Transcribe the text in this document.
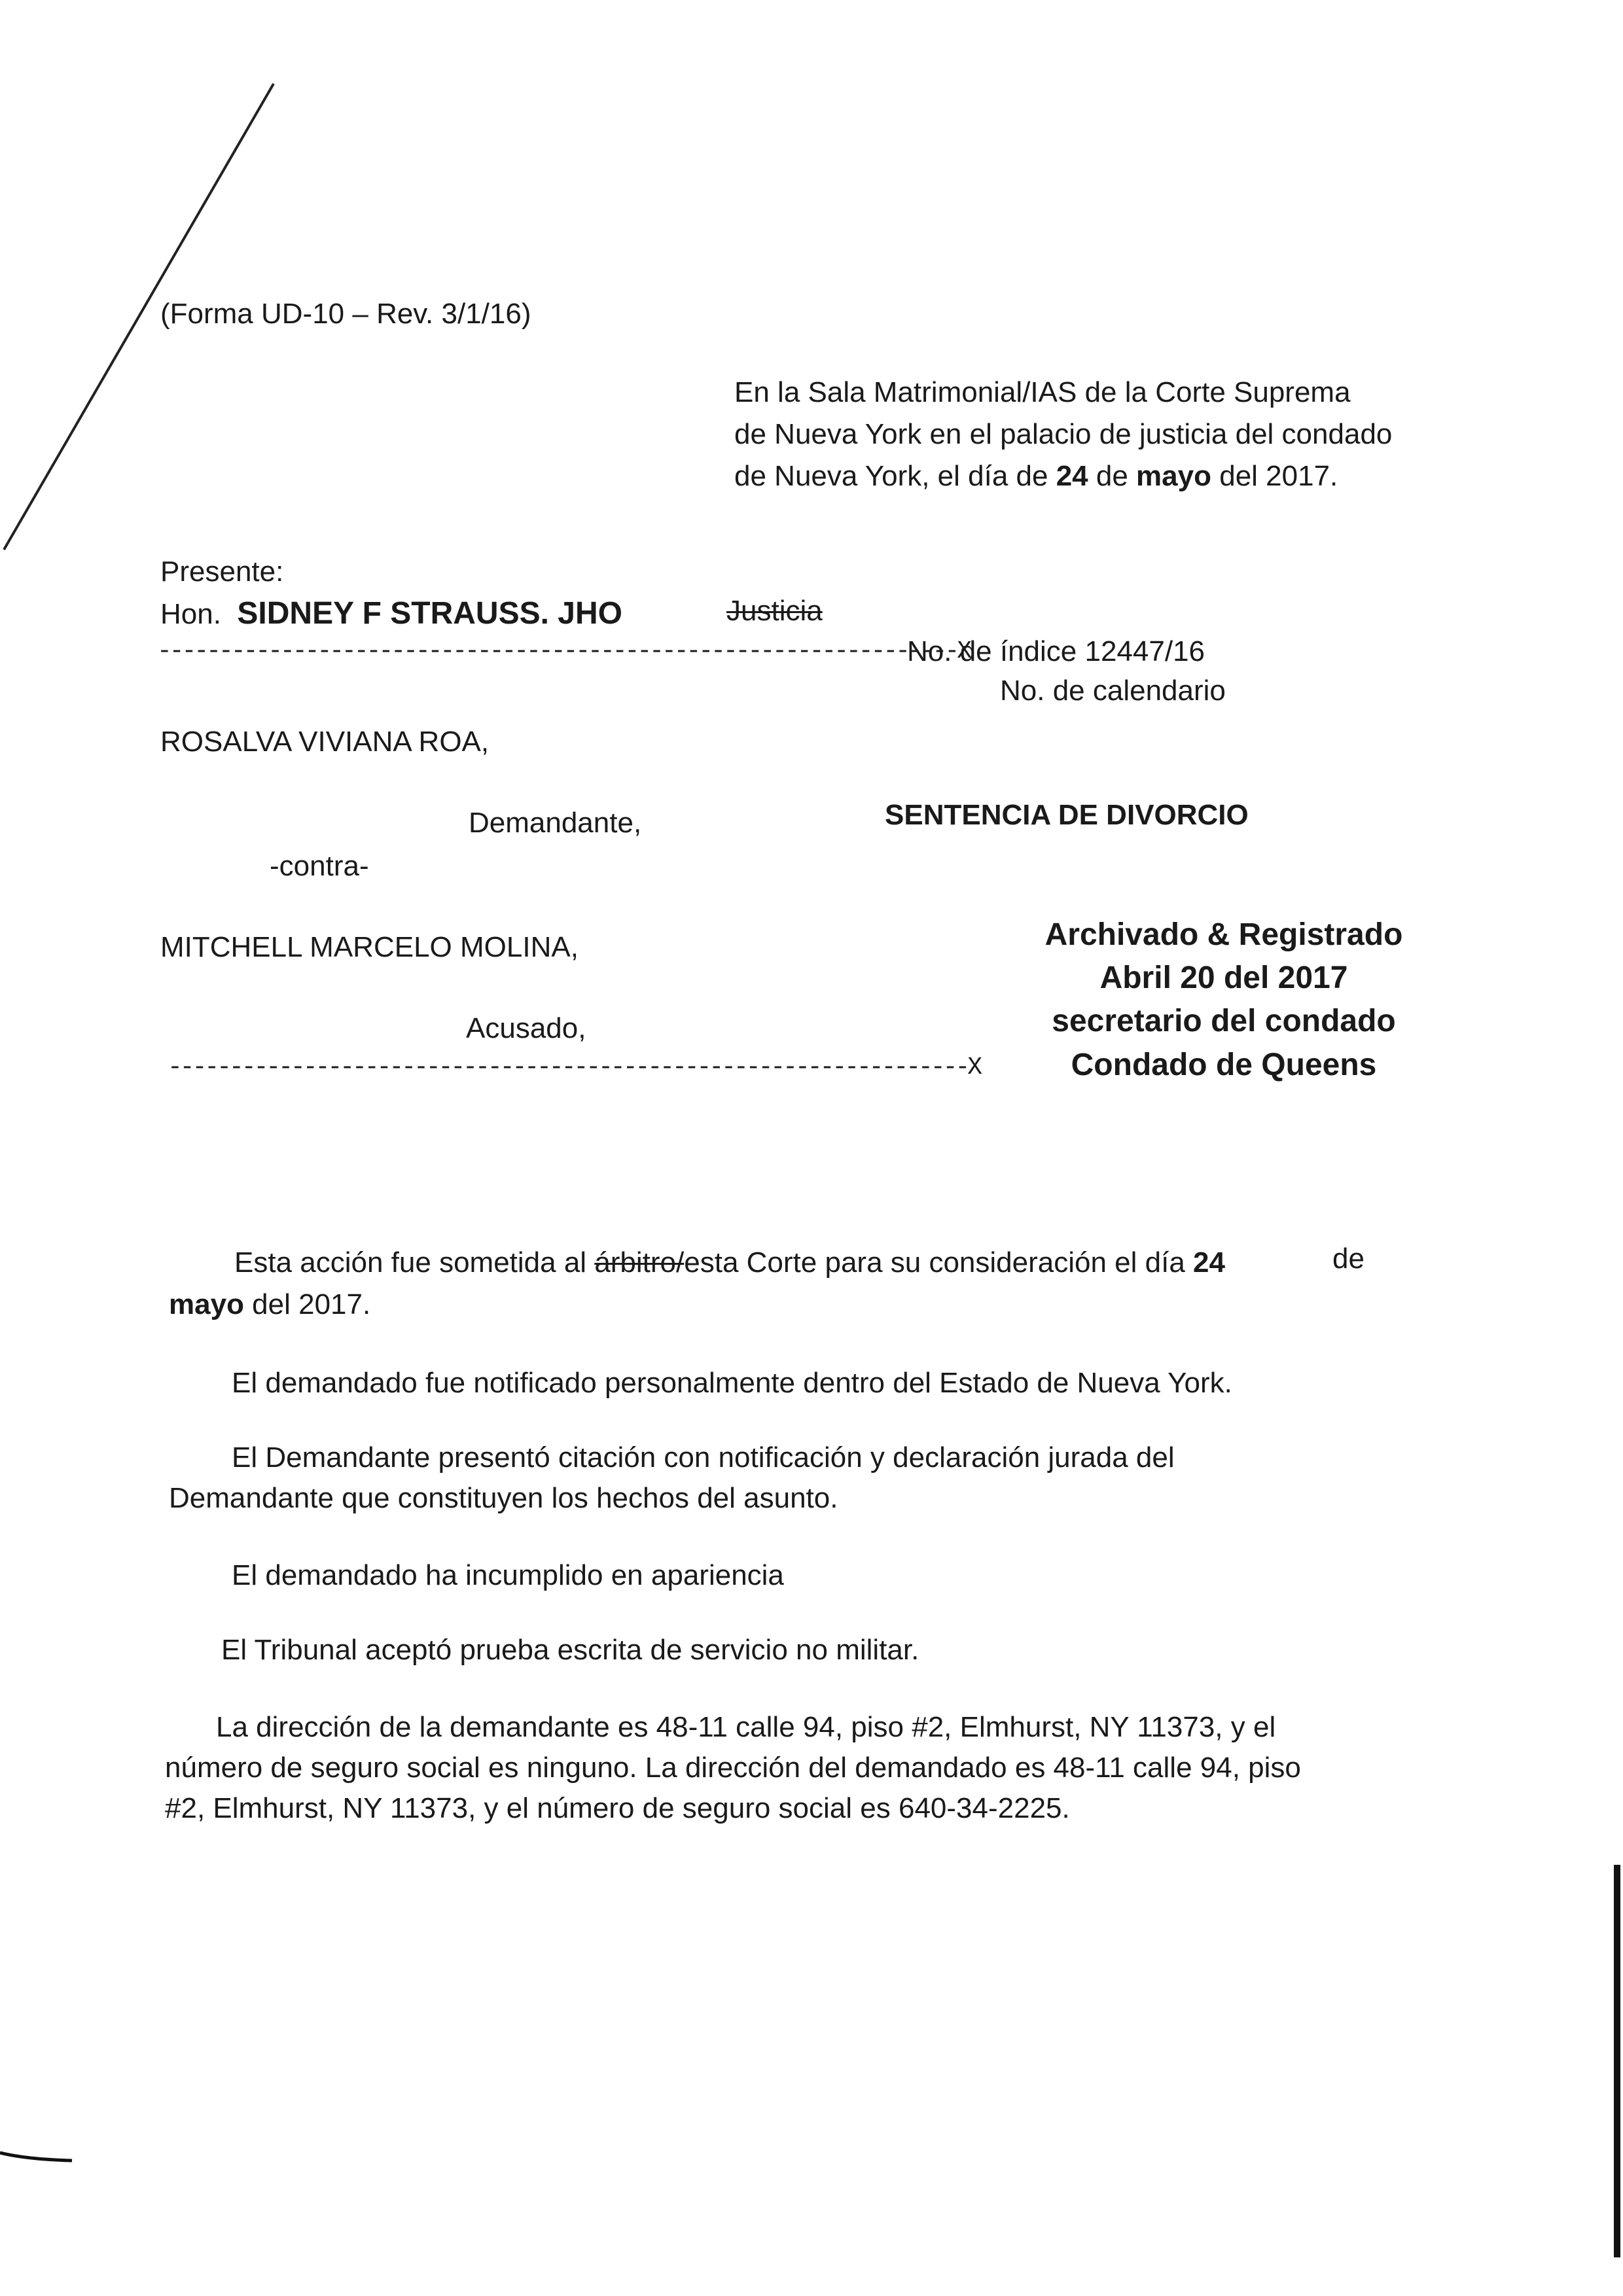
(Forma UD-10 – Rev. 3/1/16)
En la Sala Matrimonial/IAS de la Corte Suprema
de Nueva York en el palacio de justicia del condado
de Nueva York, el día de 24 de mayo del 2017.
Presente:
Hon. SIDNEY F STRAUSS. JHO	Justicia
-----------------------------------------------------------------X
No. de índice 12447/16
No. de calendario
ROSALVA VIVIANA ROA,
Demandante,	SENTENCIA DE DIVORCIO
-contra-
MITCHELL MARCELO MOLINA,
Acusado,
-----------------------------------------------------------------X
Archivado & Registrado
Abril 20 del 2017
secretario del condado
Condado de Queens
Esta acción fue sometida al árbitro/esta Corte para su consideración el día 24	de
mayo del 2017.
El demandado fue notificado personalmente dentro del Estado de Nueva York.
El Demandante presentó citación con notificación y declaración jurada del
Demandante que constituyen los hechos del asunto.
El demandado ha incumplido en apariencia
El Tribunal aceptó prueba escrita de servicio no militar.
La dirección de la demandante es 48-11 calle 94, piso #2, Elmhurst, NY 11373, y el
número de seguro social es ninguno. La dirección del demandado es 48-11 calle 94, piso
#2, Elmhurst, NY 11373, y el número de seguro social es 640-34-2225.
